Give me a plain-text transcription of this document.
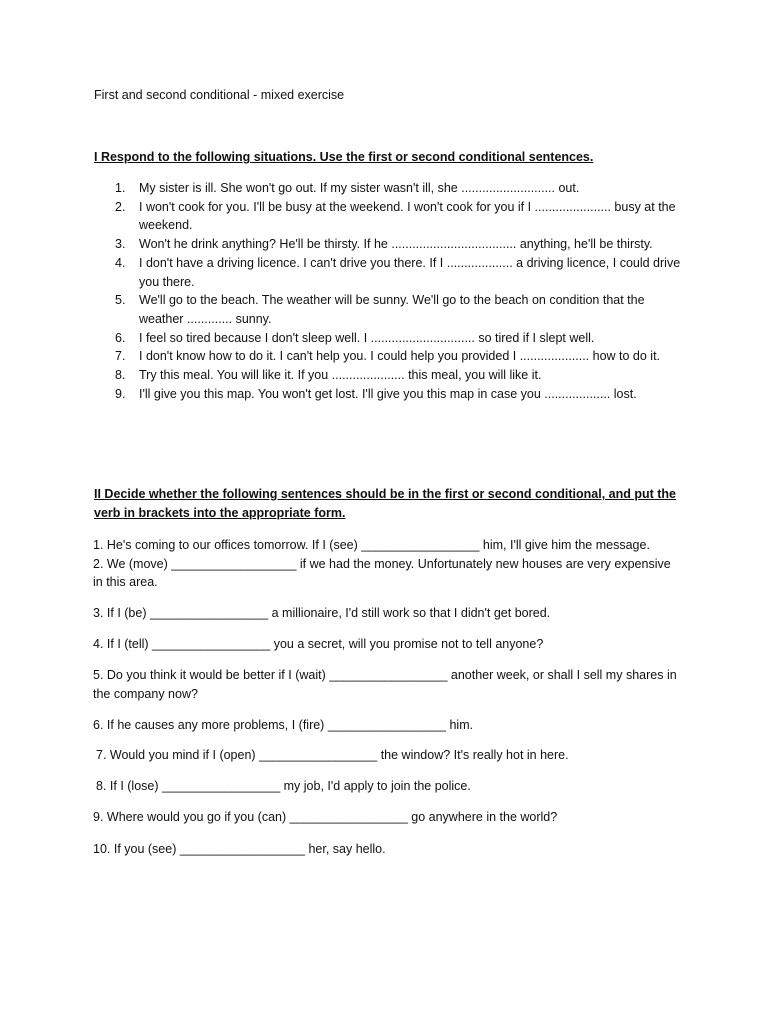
First and second conditional - mixed exercise
I Respond to the following situations. Use the first or second conditional sentences.
1. My sister is ill. She won't go out. If my sister wasn't ill, she ........................... out.
2. I won't cook for you. I'll be busy at the weekend. I won't cook for you if I ...................... busy at the weekend.
3. Won't he drink anything? He'll be thirsty. If he .................................... anything, he'll be thirsty.
4. I don't have a driving licence. I can't drive you there. If I ................... a driving licence, I could drive you there.
5. We'll go to the beach. The weather will be sunny. We'll go to the beach on condition that the weather ............. sunny.
6. I feel so tired because I don't sleep well. I .............................. so tired if I slept well.
7. I don't know how to do it. I can't help you. I could help you provided I .................... how to do it.
8. Try this meal. You will like it. If you ..................... this meal, you will like it.
9. I'll give you this map. You won't get lost. I'll give you this map in case you ................... lost.
II Decide whether the following sentences should be in the first or second conditional, and put the verb in brackets into the appropriate form.
1. He's coming to our offices tomorrow. If I (see) _________________ him, I'll give him the message.
2. We (move) __________________ if we had the money. Unfortunately new houses are very expensive in this area.
3. If I (be) _________________ a millionaire, I'd still work so that I didn't get bored.
4. If I (tell) _________________ you a secret, will you promise not to tell anyone?
5. Do you think it would be better if I (wait) _________________ another week, or shall I sell my shares in the company now?
6. If he causes any more problems, I (fire) _________________ him.
7. Would you mind if I (open) _________________ the window? It's really hot in here.
8. If I (lose) _________________ my job, I'd apply to join the police.
9. Where would you go if you (can) _________________ go anywhere in the world?
10. If you (see) __________________ her, say hello.
